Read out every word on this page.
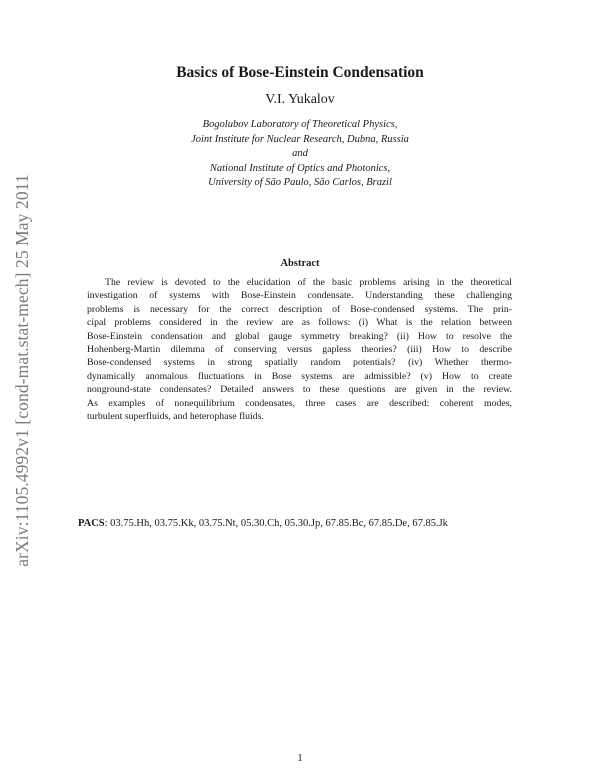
arXiv:1105.4992v1 [cond-mat.stat-mech] 25 May 2011
Basics of Bose-Einstein Condensation
V.I. Yukalov
Bogolubov Laboratory of Theoretical Physics,
Joint Institute for Nuclear Research, Dubna, Russia
and
National Institute of Optics and Photonics,
University of São Paulo, São Carlos, Brazil
Abstract
The review is devoted to the elucidation of the basic problems arising in the theoretical
investigation of systems with Bose-Einstein condensate. Understanding these challenging
problems is necessary for the correct description of Bose-condensed systems. The prin-
cipal problems considered in the review are as follows: (i) What is the relation between
Bose-Einstein condensation and global gauge symmetry breaking? (ii) How to resolve the
Hohenberg-Martin dilemma of conserving versus gapless theories? (iii) How to describe
Bose-condensed systems in strong spatially random potentials? (iv) Whether thermo-
dynamically anomalous fluctuations in Bose systems are admissible? (v) How to create
nonground-state condensates? Detailed answers to these questions are given in the review.
As examples of nonequilibrium condensates, three cases are described: coherent modes,
turbulent superfluids, and heterophase fluids.
PACS: 03.75.Hh, 03.75.Kk, 03.75.Nt, 05.30.Ch, 05.30.Jp, 67.85.Bc, 67.85.De, 67.85.Jk
1
